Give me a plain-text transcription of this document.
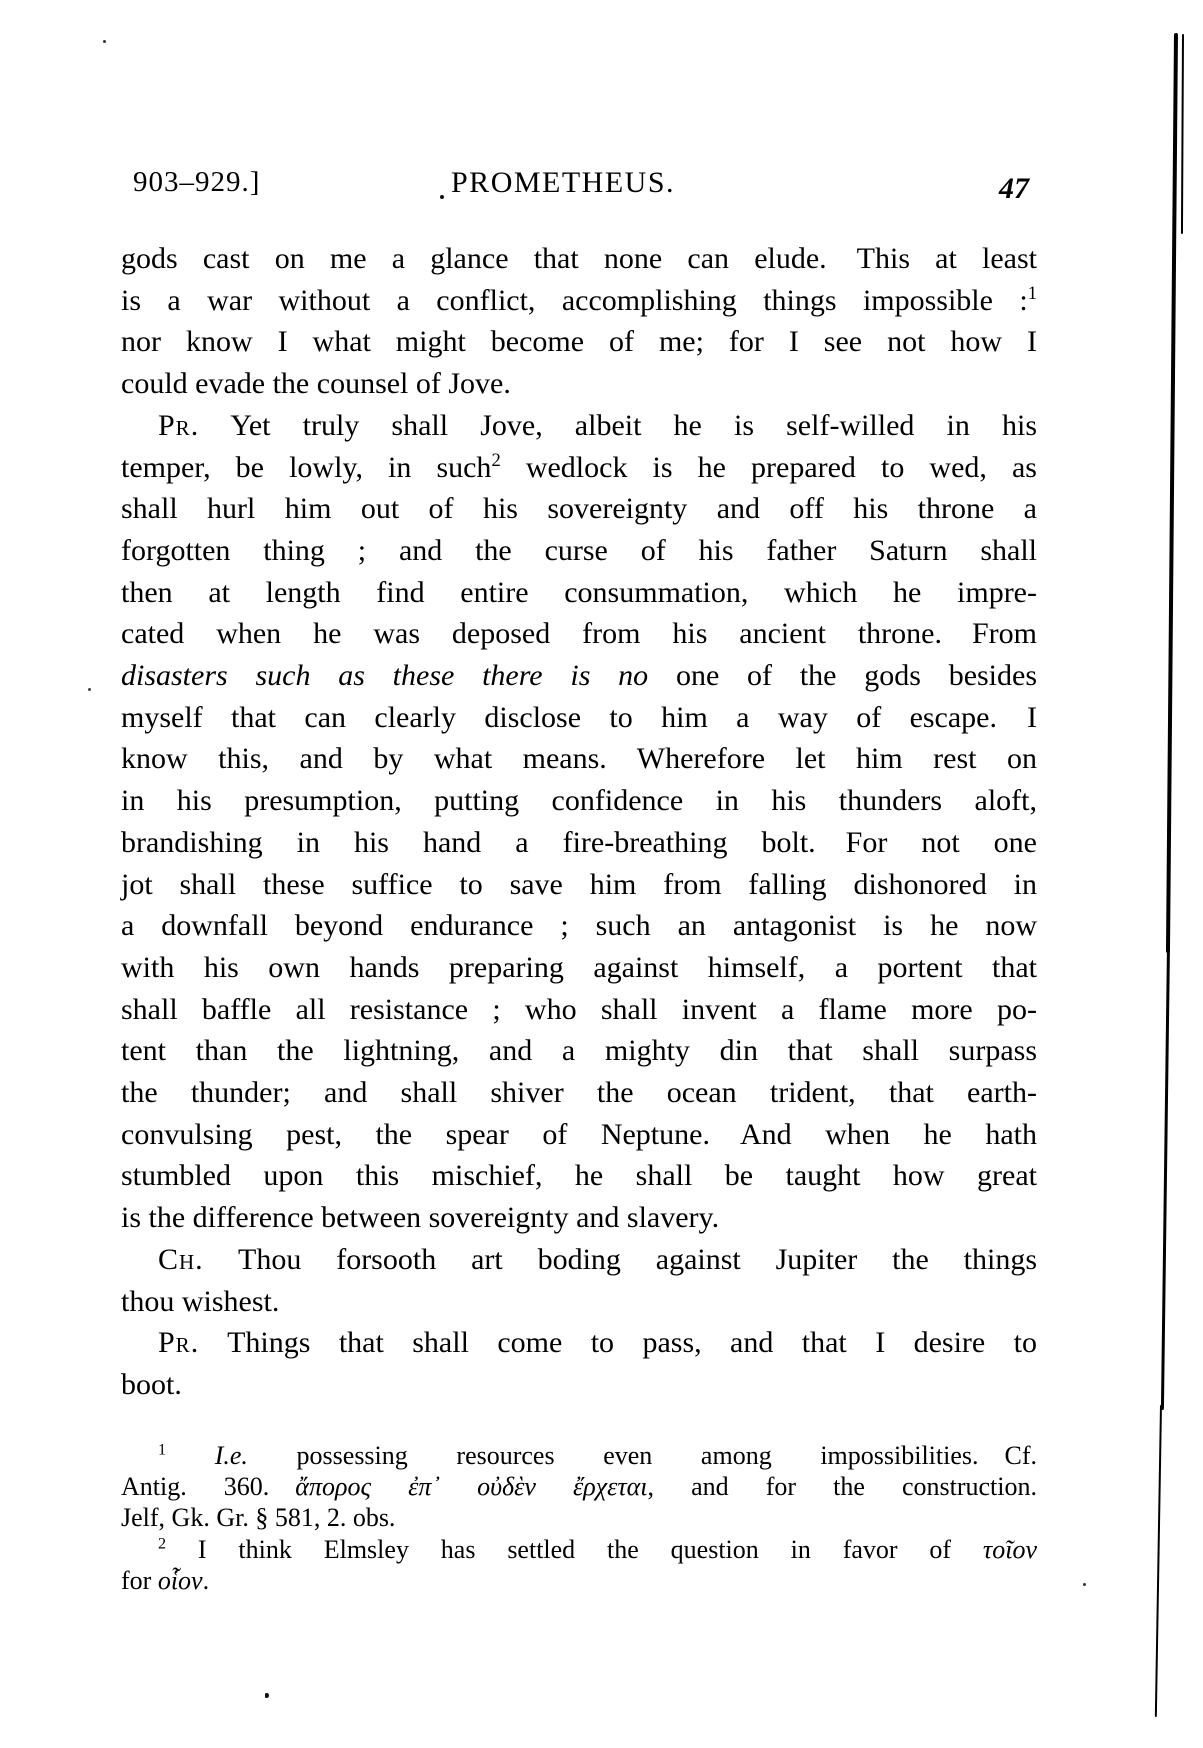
903–929.]	PROMETHEUS.	47
gods cast on me a glance that none can elude.  This at least
is a war without a conflict, accomplishing things impossible :$^1$
nor know I what might become of me; for I see not how I
could evade the counsel of Jove.
Pr. Yet truly shall Jove, albeit he is self-willed in his
temper, be lowly, in such$^2$ wedlock is he prepared to wed, as
shall hurl him out of his sovereignty and off his throne a
forgotten thing ; and the curse of his father Saturn shall
then at length find entire consummation, which he impre-
cated when he was deposed from his ancient throne.  From
disasters such as these there is no one of the gods besides
myself that can clearly disclose to him a way of escape.  I
know this, and by what means.  Wherefore let him rest on
in his presumption, putting confidence in his thunders aloft,
brandishing in his hand a fire-breathing bolt.  For not one
jot shall these suffice to save him from falling dishonored in
a downfall beyond endurance ; such an antagonist is he now
with his own hands preparing against himself, a portent that
shall baffle all resistance ; who shall invent a flame more po-
tent than the lightning, and a mighty din that shall surpass
the thunder; and shall shiver the ocean trident, that earth-
convulsing pest, the spear of Neptune.  And when he hath
stumbled upon this mischief, he shall be taught how great
is the difference between sovereignty and slavery.
Ch. Thou forsooth art boding against Jupiter the things
thou wishest.
Pr. Things that shall come to pass, and that I desire to
boot.
$^1$ I.e. possessing resources even among impossibilities.  Cf.
Antig. 360.  ἄπορος ἐπ᾽ οὐδὲν ἔρχεται, and for the construction.
Jelf, Gk. Gr. § 581, 2. obs.
$^2$ I think Elmsley has settled the question in favor of τοῖον
for οἷον.
